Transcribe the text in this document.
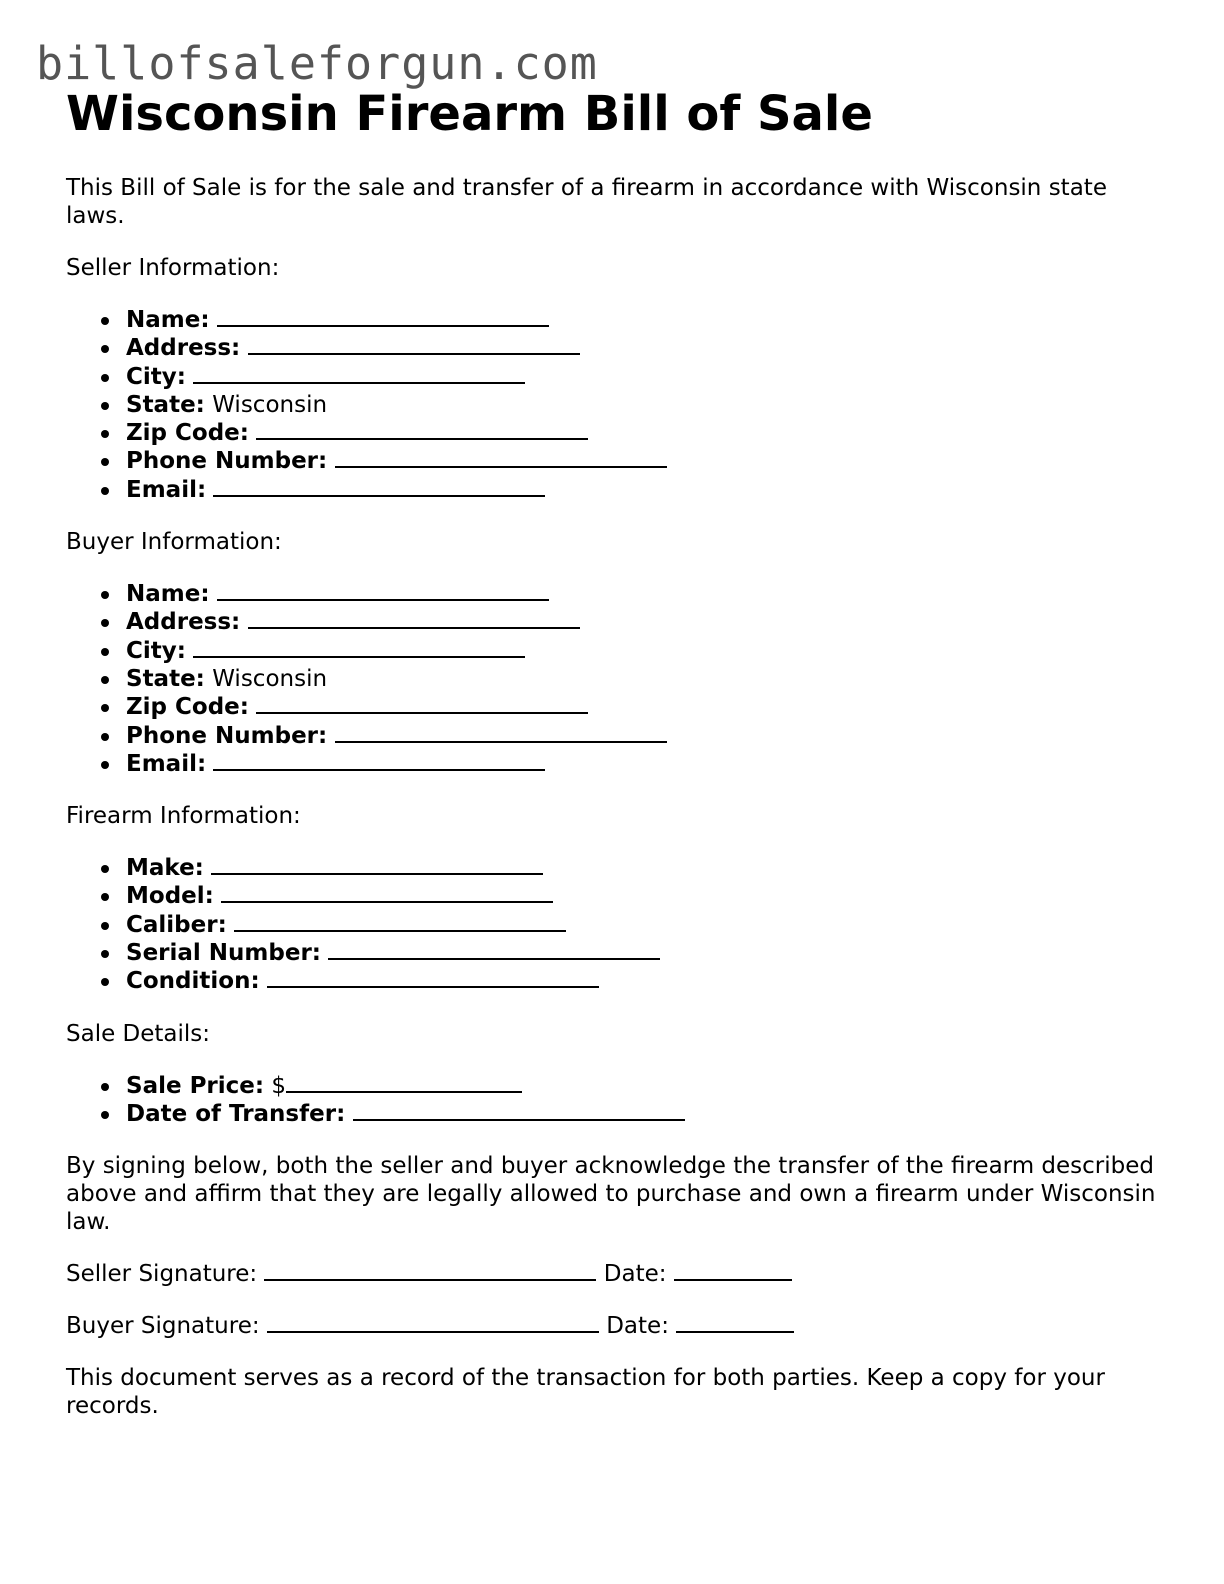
billofsaleforgun.com
Wisconsin Firearm Bill of Sale

This Bill of Sale is for the sale and transfer of a firearm in accordance with Wisconsin state laws.

Seller Information:

Name:
Address:
City:
State: Wisconsin
Zip Code:
Phone Number:
Email:

Buyer Information:

Name:
Address:
City:
State: Wisconsin
Zip Code:
Phone Number:
Email:

Firearm Information:

Make:
Model:
Caliber:
Serial Number:
Condition:

Sale Details:

Sale Price: $
Date of Transfer:

By signing below, both the seller and buyer acknowledge the transfer of the firearm described above and affirm that they are legally allowed to purchase and own a firearm under Wisconsin law.

Seller Signature:	Date:

Buyer Signature:	Date:

This document serves as a record of the transaction for both parties. Keep a copy for your records.
